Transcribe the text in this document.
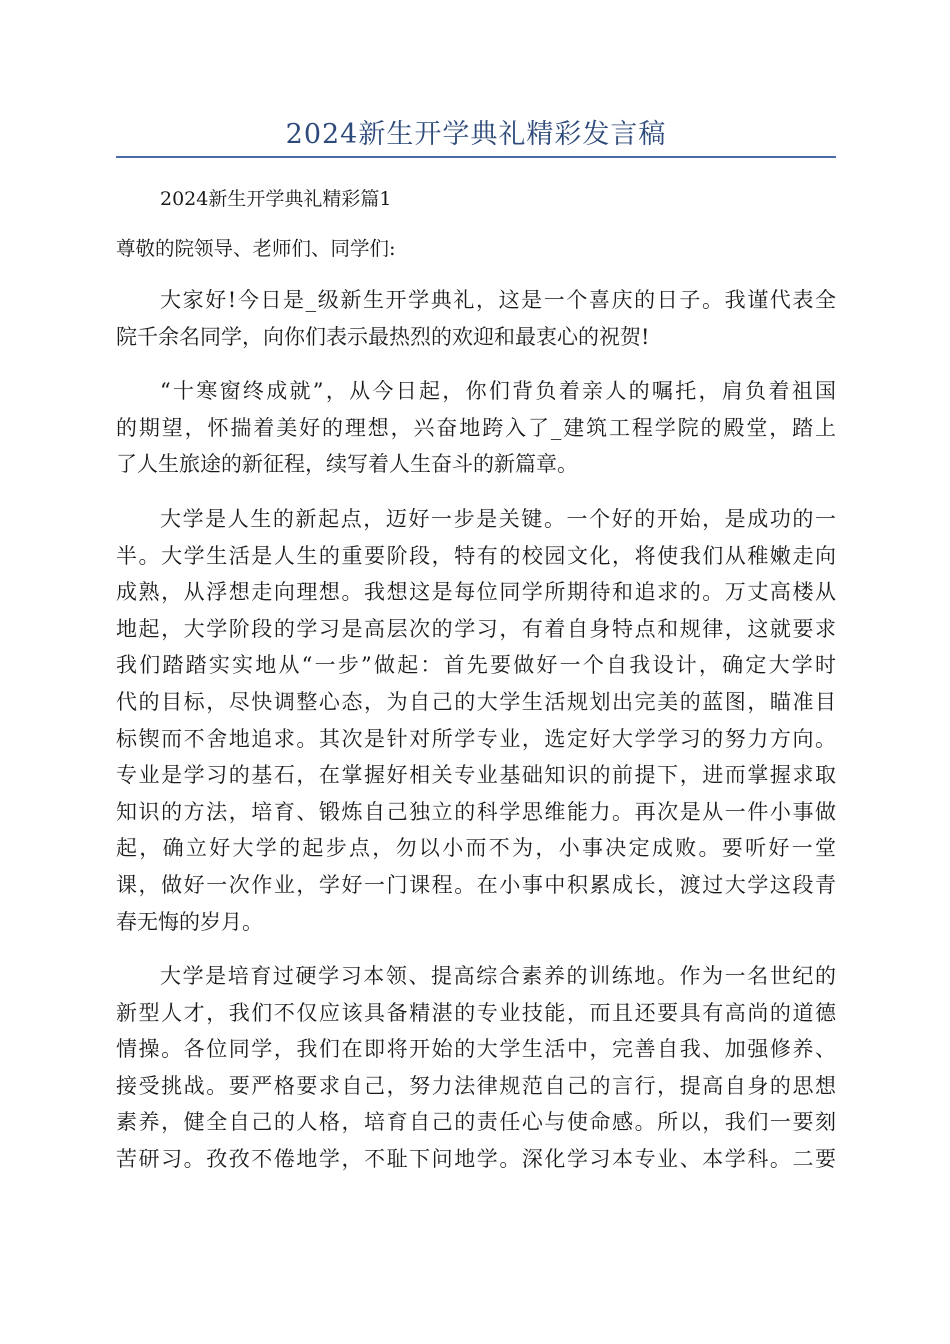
2024新生开学典礼精彩发言稿

2024新生开学典礼精彩篇1

尊敬的院领导、老师们、同学们:

大家好!今日是_级新生开学典礼，这是一个喜庆的日子。我谨代表全
院千余名同学，向你们表示最热烈的欢迎和最衷心的祝贺!

“十寒窗终成就”，从今日起，你们背负着亲人的嘱托，肩负着祖国
的期望，怀揣着美好的理想，兴奋地跨入了_建筑工程学院的殿堂，踏上
了人生旅途的新征程，续写着人生奋斗的新篇章。

大学是人生的新起点，迈好一步是关键。一个好的开始，是成功的一
半。大学生活是人生的重要阶段，特有的校园文化，将使我们从稚嫩走向
成熟，从浮想走向理想。我想这是每位同学所期待和追求的。万丈高楼从
地起，大学阶段的学习是高层次的学习，有着自身特点和规律，这就要求
我们踏踏实实地从“一步”做起：首先要做好一个自我设计，确定大学时
代的目标，尽快调整心态，为自己的大学生活规划出完美的蓝图，瞄准目
标锲而不舍地追求。其次是针对所学专业，选定好大学学习的努力方向。
专业是学习的基石，在掌握好相关专业基础知识的前提下，进而掌握求取
知识的方法，培育、锻炼自己独立的科学思维能力。再次是从一件小事做
起，确立好大学的起步点，勿以小而不为，小事决定成败。要听好一堂
课，做好一次作业，学好一门课程。在小事中积累成长，渡过大学这段青
春无悔的岁月。

大学是培育过硬学习本领、提高综合素养的训练地。作为一名世纪的
新型人才，我们不仅应该具备精湛的专业技能，而且还要具有高尚的道德
情操。各位同学，我们在即将开始的大学生活中，完善自我、加强修养、
接受挑战。要严格要求自己，努力法律规范自己的言行，提高自身的思想
素养，健全自己的人格，培育自己的责任心与使命感。所以，我们一要刻
苦研习。孜孜不倦地学，不耻下问地学。深化学习本专业、本学科。二要
